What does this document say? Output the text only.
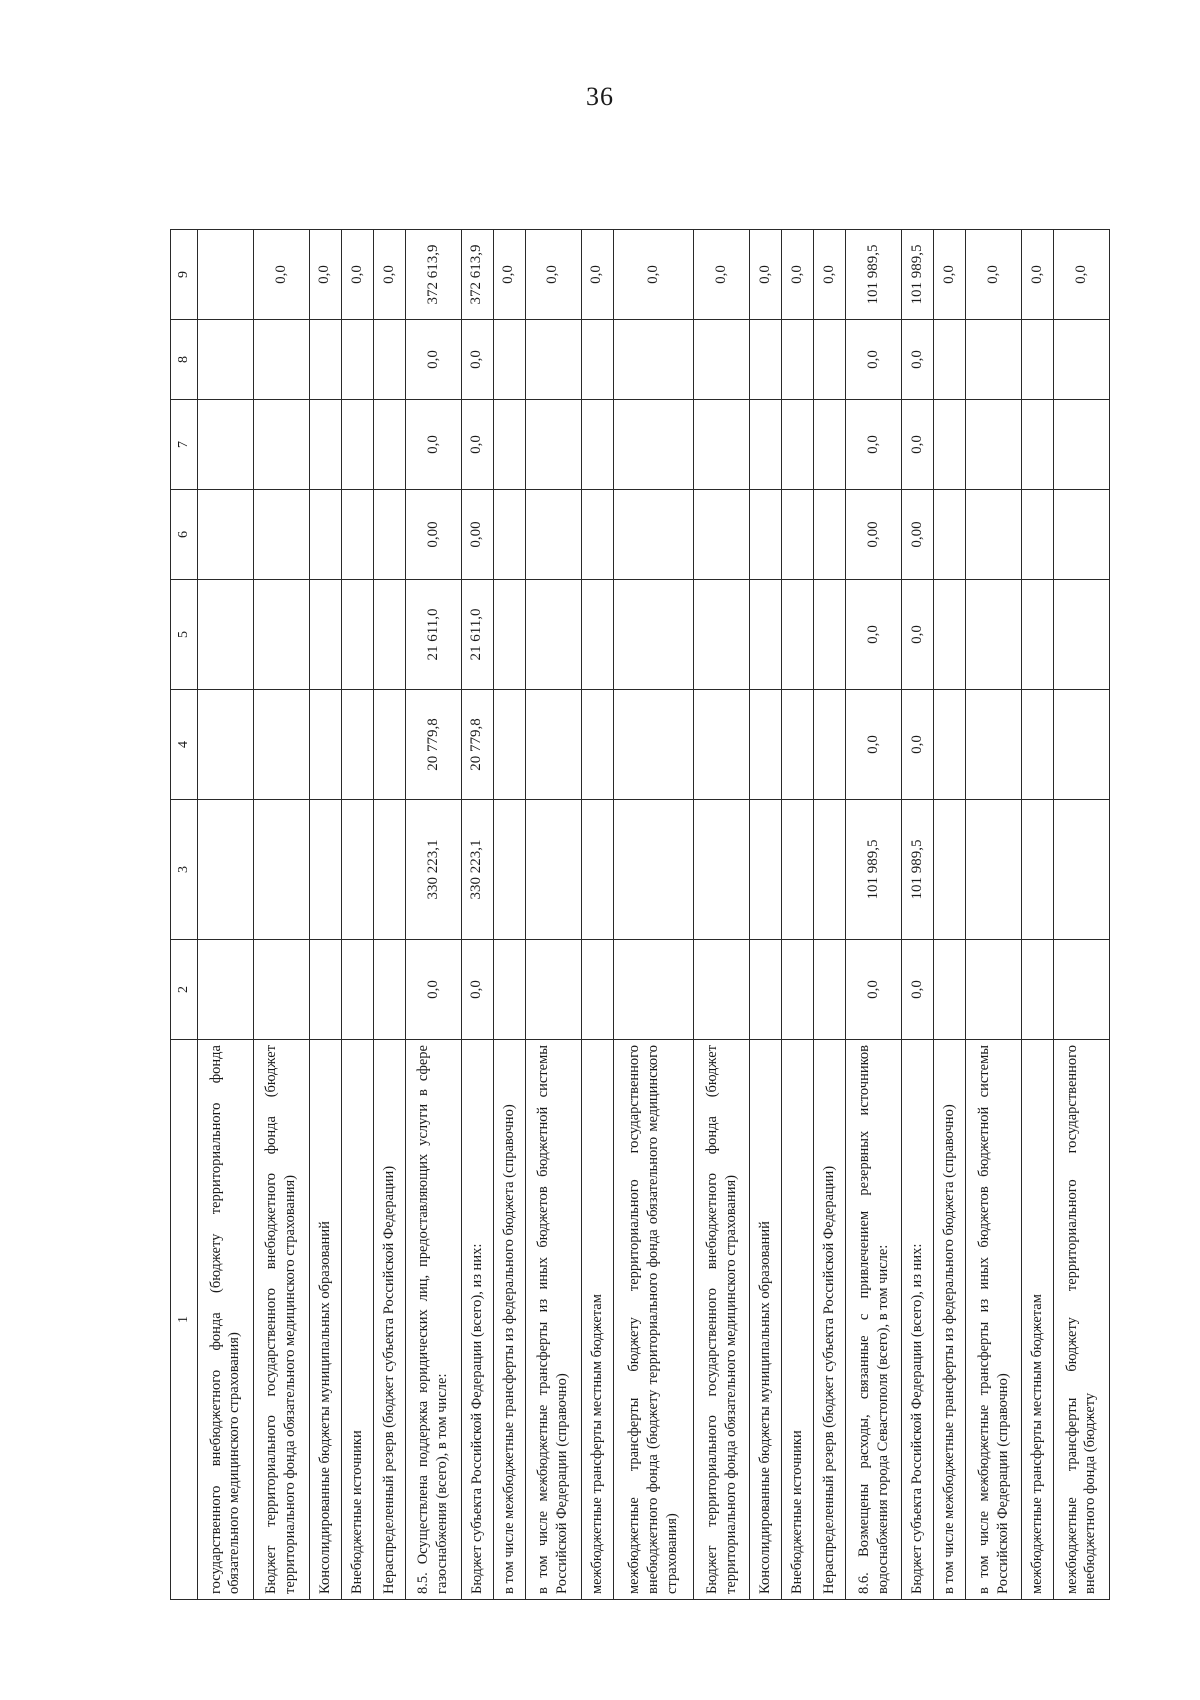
36
1	2	3	4	5	6	7	8	9
государственного внебюджетного фонда (бюджету территориального фонда обязательного медицинского страхования)								
Бюджет территориального государственного внебюджетного фонда (бюджет территориального фонда обязательного медицинского страхования)								0,0
Консолидированные бюджеты муниципальных образований								0,0
Внебюджетные источники								0,0
Нераспределенный резерв (бюджет субъекта Российской Федерации)								0,0
8.5. Осуществлена поддержка юридических лиц, предоставляющих услуги в сфере газоснабжения (всего), в том числе:	0,0	330 223,1	20 779,8	21 611,0	0,00	0,0	0,0	372 613,9
Бюджет субъекта Российской Федерации (всего), из них:	0,0	330 223,1	20 779,8	21 611,0	0,00	0,0	0,0	372 613,9
в том числе межбюджетные трансферты из федерального бюджета (справочно)								0,0
в том числе межбюджетные трансферты из иных бюджетов бюджетной системы Российской Федерации (справочно)								0,0
межбюджетные трансферты местным бюджетам								0,0
межбюджетные трансферты бюджету территориального государственного внебюджетного фонда (бюджету территориального фонда обязательного медицинского страхования)								0,0
Бюджет территориального государственного внебюджетного фонда (бюджет территориального фонда обязательного медицинского страхования)								0,0
Консолидированные бюджеты муниципальных образований								0,0
Внебюджетные источники								0,0
Нераспределенный резерв (бюджет субъекта Российской Федерации)								0,0
8.6. Возмещены расходы, связанные с привлечением резервных источников водоснабжения города Севастополя (всего), в том числе:	0,0	101 989,5	0,0	0,0	0,00	0,0	0,0	101 989,5
Бюджет субъекта Российской Федерации (всего), из них:	0,0	101 989,5	0,0	0,0	0,00	0,0	0,0	101 989,5
в том числе межбюджетные трансферты из федерального бюджета (справочно)								0,0
в том числе межбюджетные трансферты из иных бюджетов бюджетной системы Российской Федерации (справочно)								0,0
межбюджетные трансферты местным бюджетам								0,0
межбюджетные трансферты бюджету территориального государственного внебюджетного фонда (бюджету								0,0
